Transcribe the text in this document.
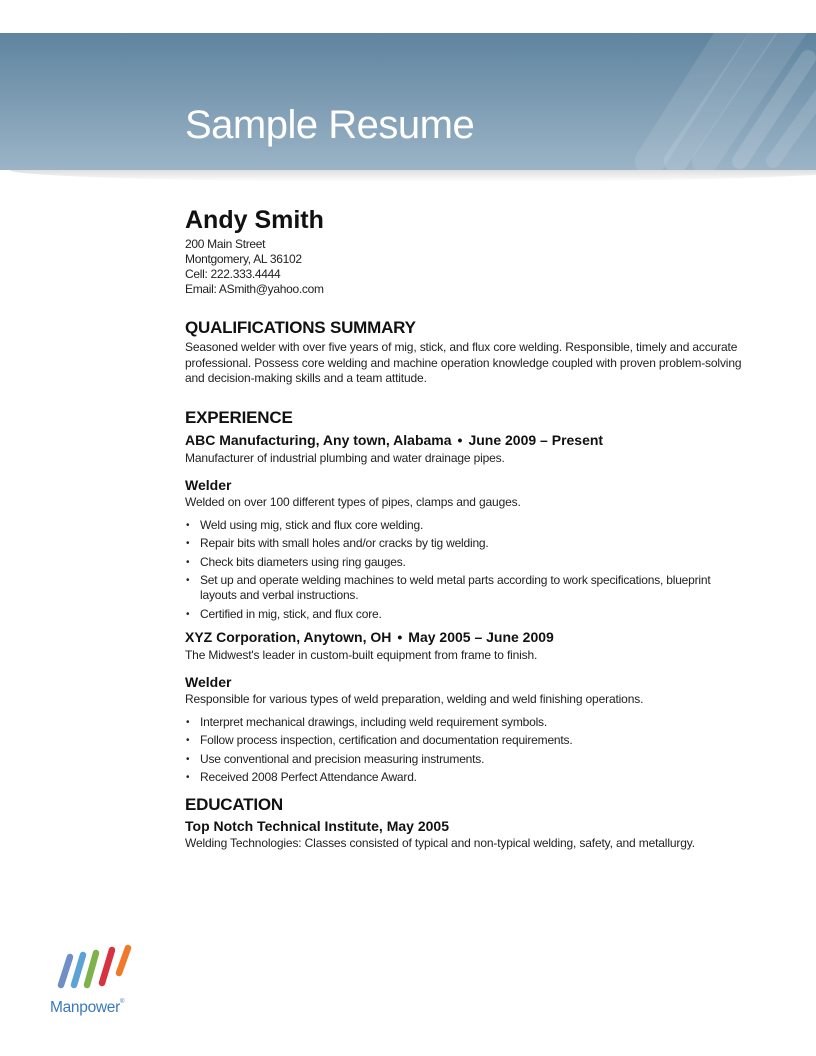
Sample Resume
Andy Smith
200 Main Street
Montgomery, AL 36102
Cell: 222.333.4444
Email: ASmith@yahoo.com
QUALIFICATIONS SUMMARY

Seasoned welder with over five years of mig, stick, and flux core welding. Responsible, timely and accurate professional. Possess core welding and machine operation knowledge coupled with proven problem-solving and decision-making skills and a team attitude.

EXPERIENCE

ABC Manufacturing, Any town, Alabama • June 2009 – Present

Manufacturer of industrial plumbing and water drainage pipes.

Welder

Welded on over 100 different types of pipes, clamps and gauges.

• Weld using mig, stick and flux core welding.
• Repair bits with small holes and/or cracks by tig welding.
• Check bits diameters using ring gauges.
• Set up and operate welding machines to weld metal parts according to work specifications, blueprint layouts and verbal instructions.
• Certified in mig, stick, and flux core.

XYZ Corporation, Anytown, OH • May 2005 – June 2009

The Midwest's leader in custom-built equipment from frame to finish.

Welder

Responsible for various types of weld preparation, welding and weld finishing operations.

• Interpret mechanical drawings, including weld requirement symbols.
• Follow process inspection, certification and documentation requirements.
• Use conventional and precision measuring instruments.
• Received 2008 Perfect Attendance Award.
EDUCATION

Top Notch Technical Institute, May 2005

Welding Technologies: Classes consisted of typical and non-typical welding, safety, and metallurgy.

Manpower®
